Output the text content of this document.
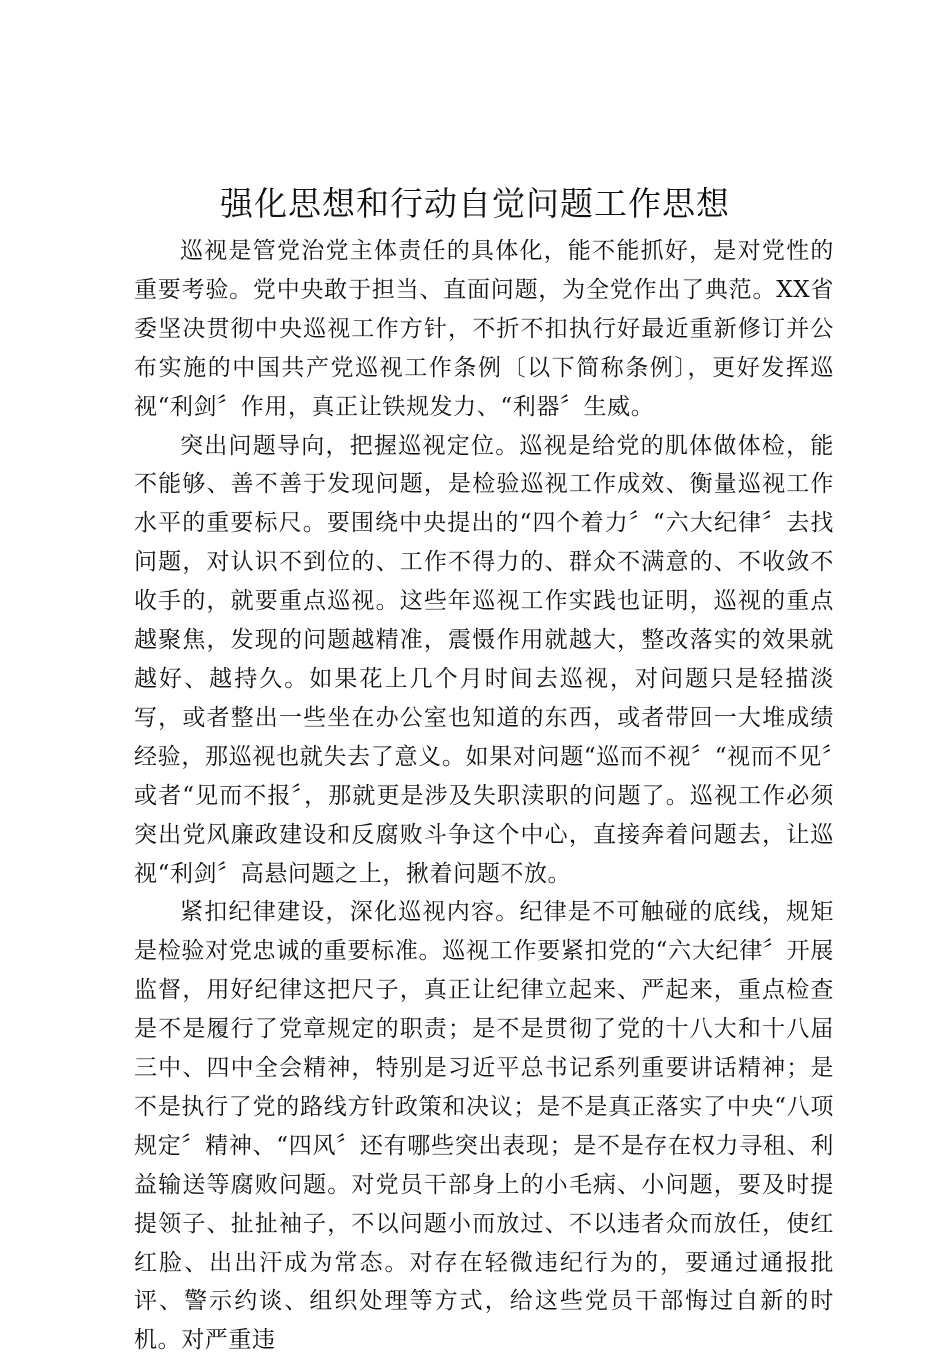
强化思想和行动自觉问题工作思想

巡视是管党治党主体责任的具体化，能不能抓好，是对党性的重要考验。党中央敢于担当、直面问题，为全党作出了典范。XX省委坚决贯彻中央巡视工作方针，不折不扣执行好最近重新修订并公布实施的中国共产党巡视工作条例〔以下简称条例〕，更好发挥巡视“利剑〞作用，真正让铁规发力、“利器〞生威。

突出问题导向，把握巡视定位。巡视是给党的肌体做体检，能不能够、善不善于发现问题，是检验巡视工作成效、衡量巡视工作水平的重要标尺。要围绕中央提出的“四个着力〞“六大纪律〞去找问题，对认识不到位的、工作不得力的、群众不满意的、不收敛不收手的，就要重点巡视。这些年巡视工作实践也证明，巡视的重点越聚焦，发现的问题越精准，震慑作用就越大，整改落实的效果就越好、越持久。如果花上几个月时间去巡视，对问题只是轻描淡写，或者整出一些坐在办公室也知道的东西，或者带回一大堆成绩经验，那巡视也就失去了意义。如果对问题“巡而不视〞“视而不见〞或者“见而不报〞，那就更是涉及失职渎职的问题了。巡视工作必须突出党风廉政建设和反腐败斗争这个中心，直接奔着问题去，让巡视“利剑〞高悬问题之上，揪着问题不放。

紧扣纪律建设，深化巡视内容。纪律是不可触碰的底线，规矩是检验对党忠诚的重要标准。巡视工作要紧扣党的“六大纪律〞开展监督，用好纪律这把尺子，真正让纪律立起来、严起来，重点检查是不是履行了党章规定的职责；是不是贯彻了党的十八大和十八届三中、四中全会精神，特别是习近平总书记系列重要讲话精神；是不是执行了党的路线方针政策和决议；是不是真正落实了中央“八项规定〞精神、“四风〞还有哪些突出表现；是不是存在权力寻租、利益输送等腐败问题。对党员干部身上的小毛病、小问题，要及时提提领子、扯扯袖子，不以问题小而放过、不以违者众而放任，使红红脸、出出汗成为常态。对存在轻微违纪行为的，要通过通报批评、警示约谈、组织处理等方式，给这些党员干部悔过自新的时机。对严重违
